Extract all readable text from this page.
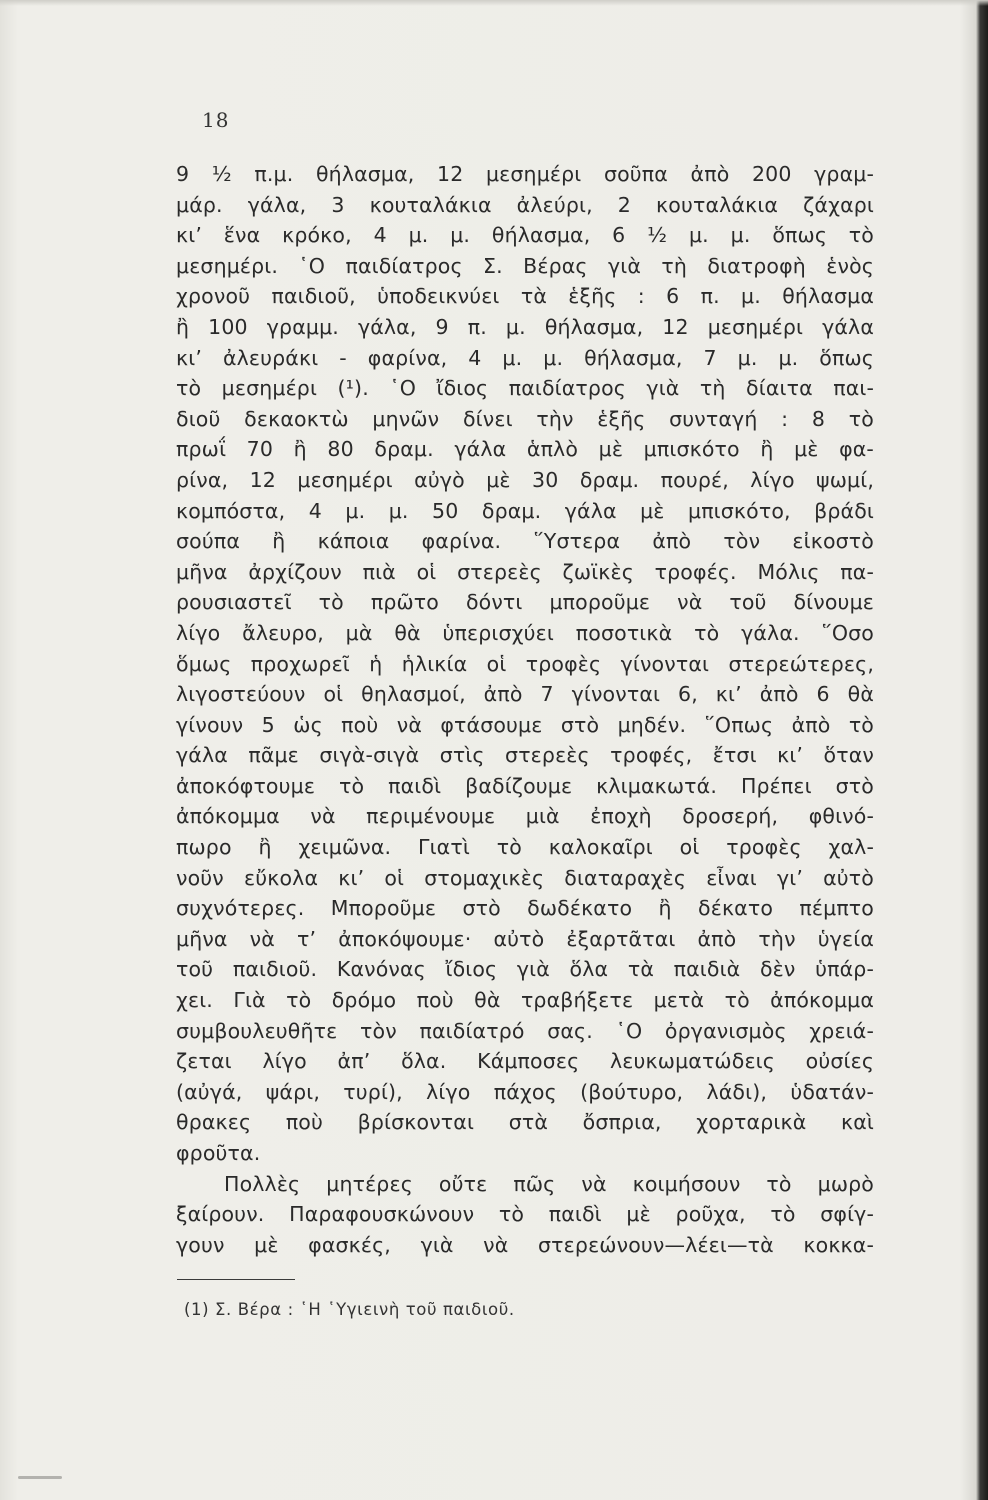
18
9 ½ π.μ. θήλασμα, 12 μεσημέρι σοῦπα ἀπὸ 200 γραμ-
μάρ. γάλα, 3 κουταλάκια ἀλεύρι, 2 κουταλάκια ζάχαρι
κι’ ἕνα κρόκο, 4 μ. μ. θήλασμα, 6 ½ μ. μ. ὅπως τὸ
μεσημέρι. ῾Ο παιδίατρος Σ. Βέρας γιὰ τὴ διατροφὴ ἑνὸς
χρονοῦ παιδιοῦ, ὑποδεικνύει τὰ ἑξῆς : 6 π. μ. θήλασμα
ἢ 100 γραμμ. γάλα, 9 π. μ. θήλασμα, 12 μεσημέρι γάλα
κι’ ἀλευράκι - φαρίνα, 4 μ. μ. θήλασμα, 7 μ. μ. ὅπως
τὸ μεσημέρι (¹). ῾Ο ἴδιος παιδίατρος γιὰ τὴ δίαιτα παι-
διοῦ δεκαοκτὼ μηνῶν δίνει τὴν ἑξῆς συνταγή : 8 τὸ
πρωΐ 70 ἢ 80 δραμ. γάλα ἁπλὸ μὲ μπισκότο ἢ μὲ φα-
ρίνα, 12 μεσημέρι αὐγὸ μὲ 30 δραμ. πουρέ, λίγο ψωμί,
κομπόστα, 4 μ. μ. 50 δραμ. γάλα μὲ μπισκότο, βράδι
σούπα ἢ κάποια φαρίνα. ῞Υστερα ἀπὸ τὸν εἰκοστὸ
μῆνα ἀρχίζουν πιὰ οἱ στερεὲς ζωϊκὲς τροφές. Μόλις πα-
ρουσιαστεῖ τὸ πρῶτο δόντι μποροῦμε νὰ τοῦ δίνουμε
λίγο ἄλευρο, μὰ θὰ ὑπερισχύει ποσοτικὰ τὸ γάλα. ῞Οσο
ὅμως προχωρεῖ ἡ ἡλικία οἱ τροφὲς γίνονται στερεώτερες,
λιγοστεύουν οἱ θηλασμοί, ἀπὸ 7 γίνονται 6, κι’ ἀπὸ 6 θὰ
γίνουν 5 ὡς ποὺ νὰ φτάσουμε στὸ μηδέν. ῞Οπως ἀπὸ τὸ
γάλα πᾶμε σιγὰ-σιγὰ στὶς στερεὲς τροφές, ἔτσι κι’ ὅταν
ἀποκόφτουμε τὸ παιδὶ βαδίζουμε κλιμακωτά. Πρέπει στὸ
ἀπόκομμα νὰ περιμένουμε μιὰ ἐποχὴ δροσερή, φθινό-
πωρο ἢ χειμῶνα. Γιατὶ τὸ καλοκαῖρι οἱ τροφὲς χαλ-
νοῦν εὔκολα κι’ οἱ στομαχικὲς διαταραχὲς εἶναι γι’ αὐτὸ
συχνότερες. Μποροῦμε στὸ δωδέκατο ἢ δέκατο πέμπτο
μῆνα νὰ τ’ ἀποκόψουμε· αὐτὸ ἐξαρτᾶται ἀπὸ τὴν ὑγεία
τοῦ παιδιοῦ. Κανόνας ἴδιος γιὰ ὅλα τὰ παιδιὰ δὲν ὑπάρ-
χει. Γιὰ τὸ δρόμο ποὺ θὰ τραβήξετε μετὰ τὸ ἀπόκομμα
συμβουλευθῆτε τὸν παιδίατρό σας. ῾Ο ὀργανισμὸς χρειά-
ζεται λίγο ἀπ’ ὅλα. Κάμποσες λευκωματώδεις οὐσίες
(αὐγά, ψάρι, τυρί), λίγο πάχος (βούτυρο, λάδι), ὑδατάν-
θρακες ποὺ βρίσκονται στὰ ὄσπρια, χορταρικὰ καὶ
φροῦτα.
Πολλὲς μητέρες οὔτε πῶς νὰ κοιμήσουν τὸ μωρὸ
ξαίρουν. Παραφουσκώνουν τὸ παιδὶ μὲ ροῦχα, τὸ σφίγ-
γουν μὲ φασκές, γιὰ νὰ στερεώνουν—λέει—τὰ κοκκα-
(1) Σ. Βέρα : ῾Η ῾Υγιεινὴ τοῦ παιδιοῦ.
